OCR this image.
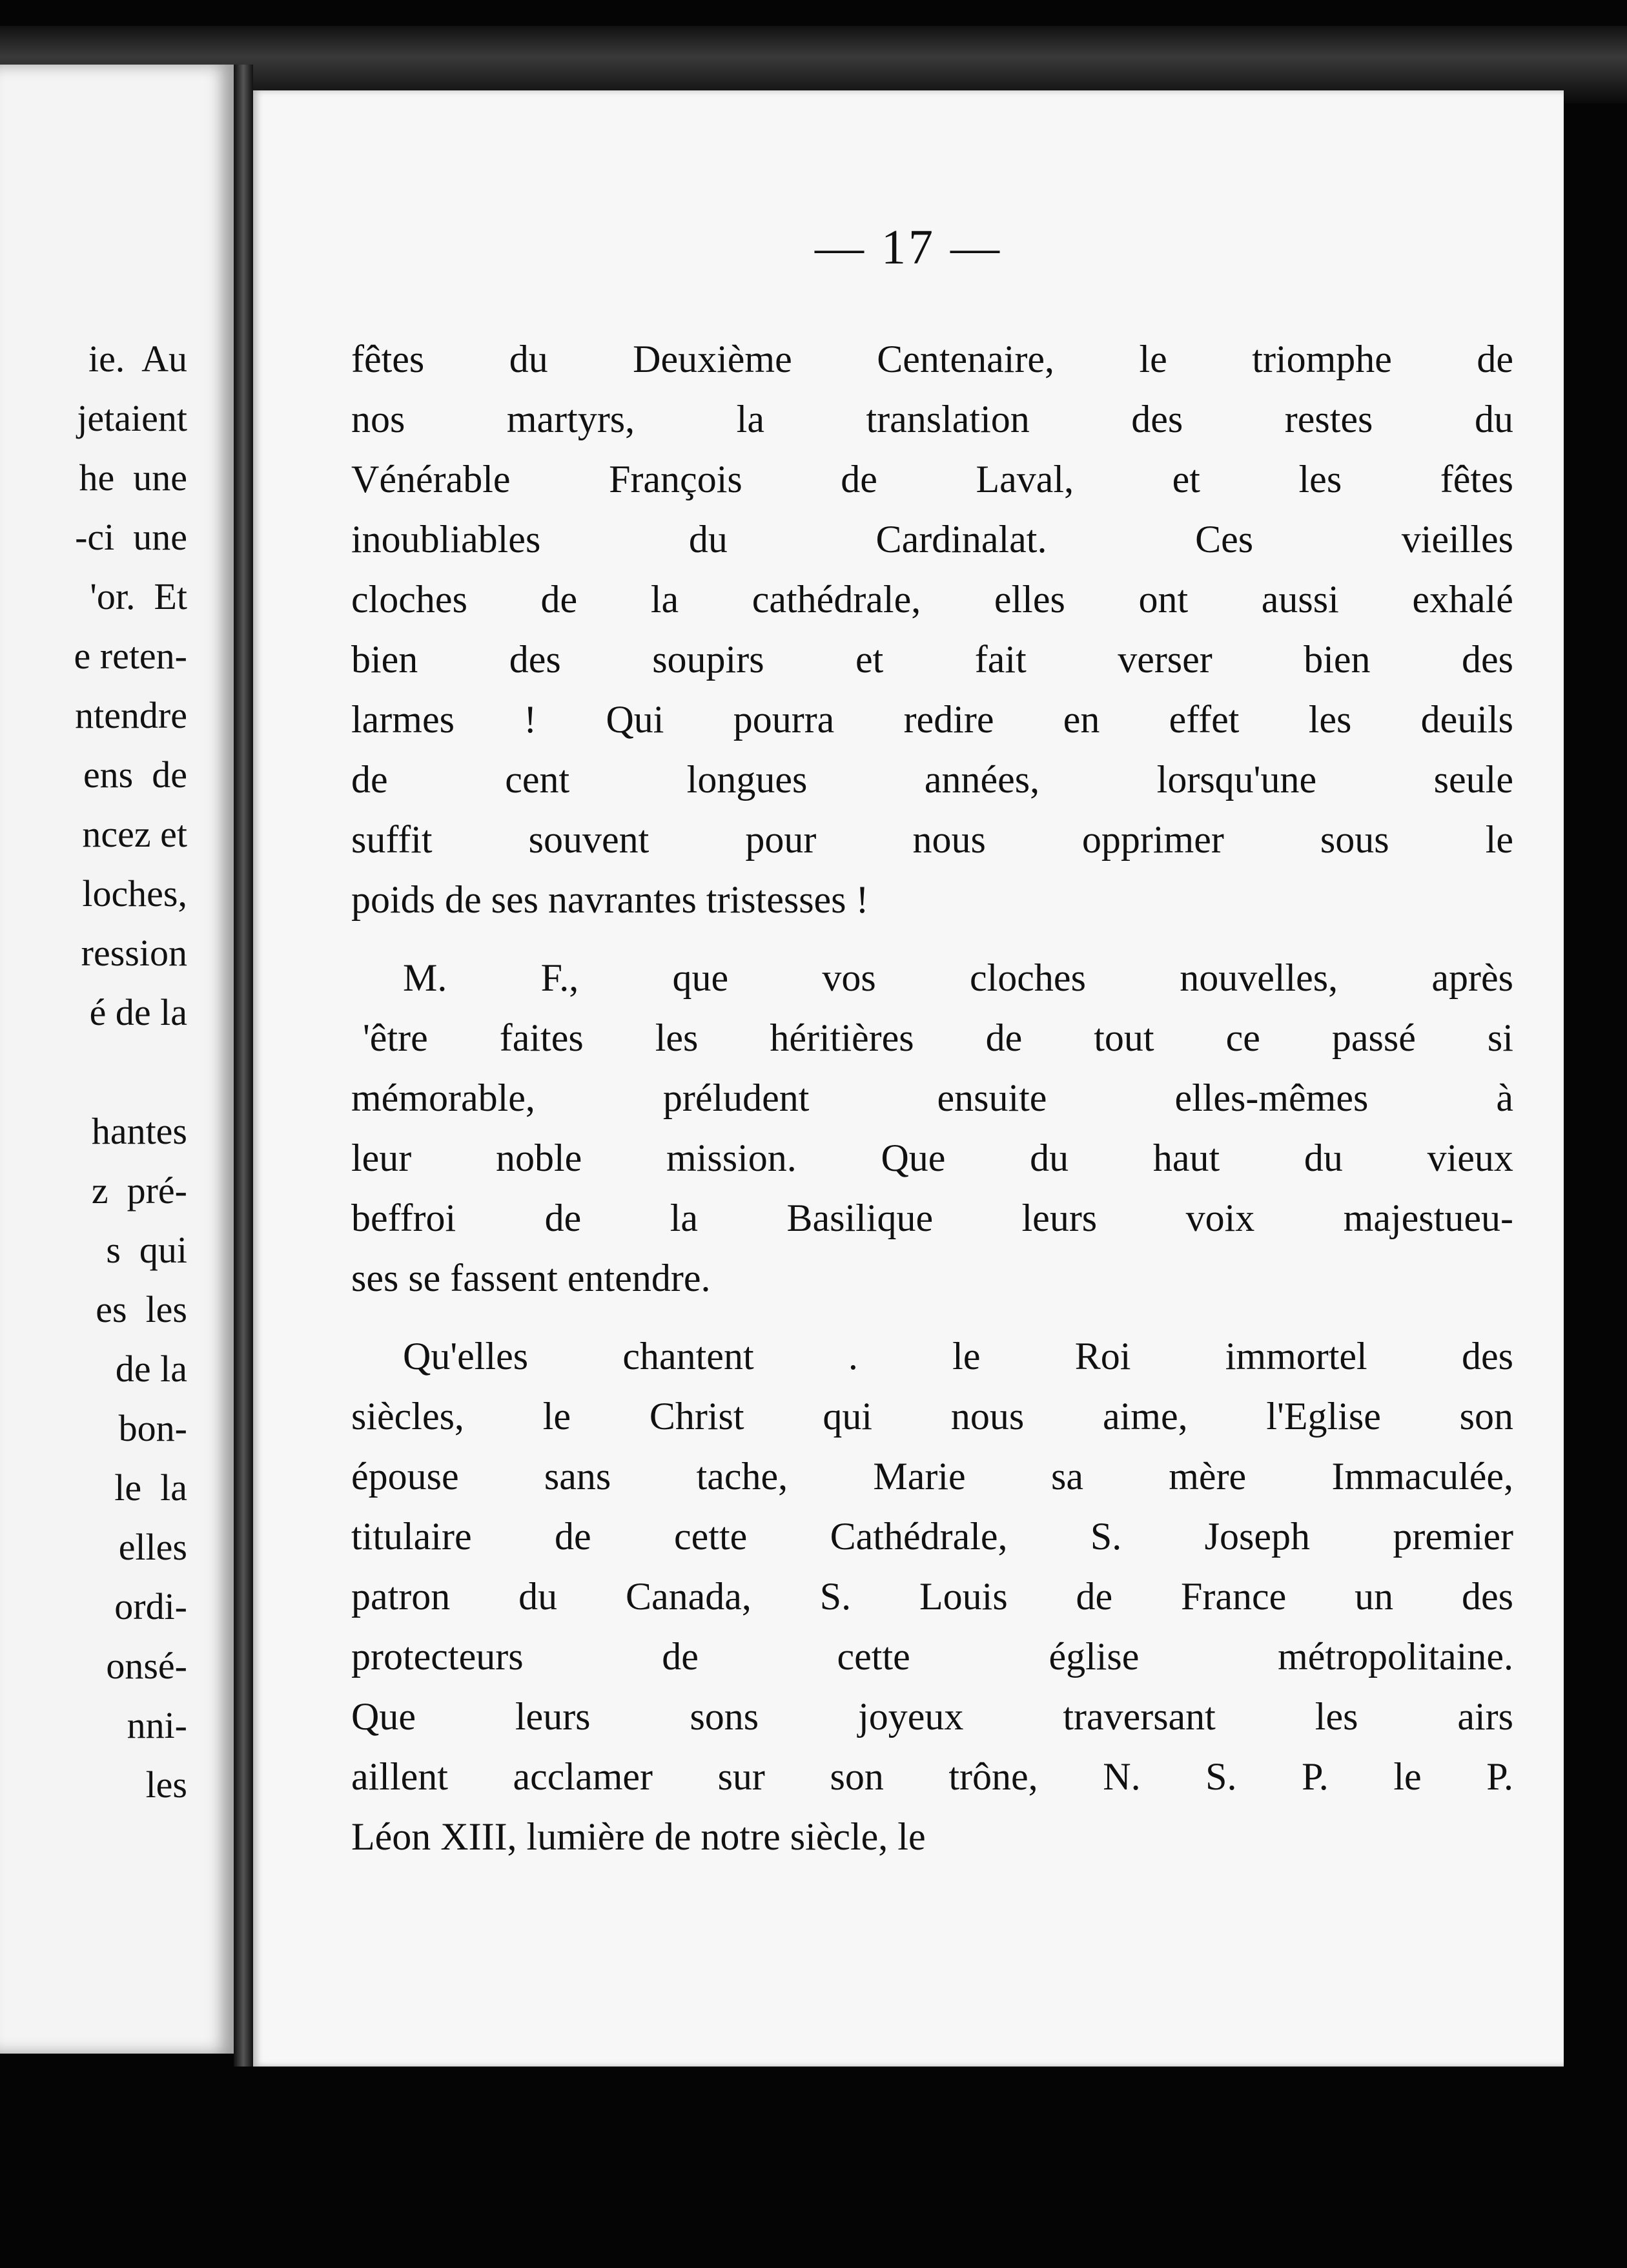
ie.  Au
jetaient
he  une
-ci  une
'or.  Et
e reten-
ntendre
ens  de
ncez et
loches,
ression
é de la
hantes
z  pré-
s  qui
es  les
de la
bon-
le  la
elles
ordi-
onsé-
nni-
les
— 17 —
fêtes du Deuxième Centenaire, le triomphe de
nos	martyrs,	la	translation	des	restes	du
Vénérable	François	de	Laval,	et	les	fêtes
inoubliables	du	Cardinalat.	Ces	vieilles
cloches de la cathédrale, elles ont aussi exhalé
bien des soupirs et fait verser bien des
larmes ! Qui pourra redire en effet les deuils
de	cent	longues	années,	lorsqu'une	seule
suffit souvent pour nous opprimer sous le
poids de ses navrantes tristesses !
M. F., que vos cloches nouvelles, après
'être faites les héritières de tout ce passé si
mémorable,	préludent	ensuite	elles-mêmes	à
leur noble mission. Que du haut du vieux
beffroi de la Basilique leurs voix majestueu-
ses se fassent entendre.
Qu'elles chantent . le Roi immortel des
siècles, le Christ qui nous aime, l'Eglise son
épouse sans tache, Marie sa mère Immaculée,
titulaire de cette Cathédrale, S. Joseph premier
patron du Canada, S. Louis de France un des
protecteurs	de	cette	église	métropolitaine.
Que	leurs	sons	joyeux	traversant	les	airs
aillent acclamer sur son trône, N. S. P. le P.
Léon XIII, lumière de notre siècle, le
